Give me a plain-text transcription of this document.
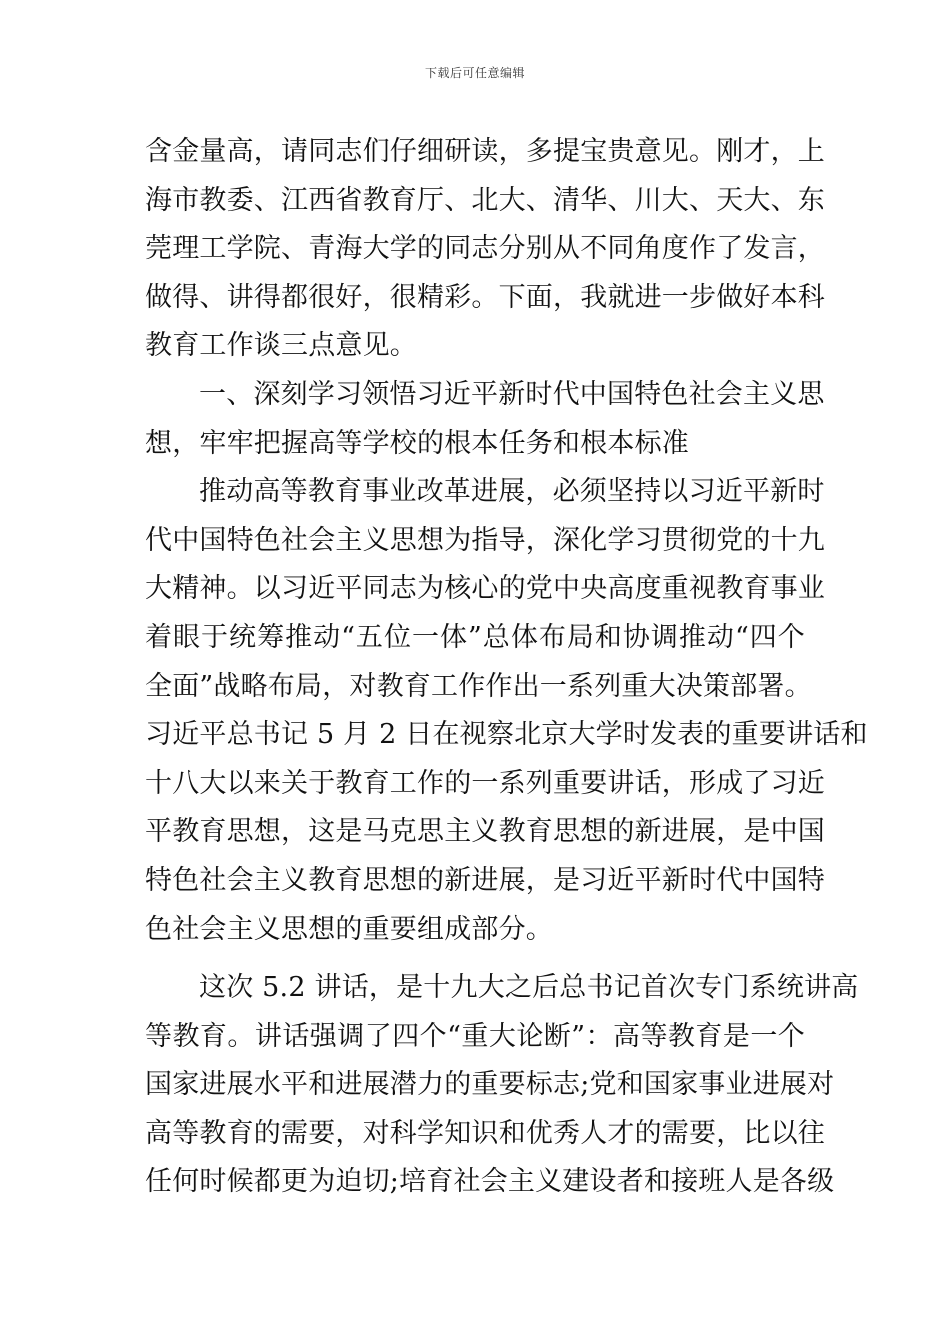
下载后可任意编辑
含金量高，请同志们仔细研读，多提宝贵意见。刚才，上
海市教委、江西省教育厅、北大、清华、川大、天大、东
莞理工学院、青海大学的同志分别从不同角度作了发言，
做得、讲得都很好，很精彩。下面，我就进一步做好本科
教育工作谈三点意见。
一、深刻学习领悟习近平新时代中国特色社会主义思
想，牢牢把握高等学校的根本任务和根本标准
推动高等教育事业改革进展，必须坚持以习近平新时
代中国特色社会主义思想为指导，深化学习贯彻党的十九
大精神。以习近平同志为核心的党中央高度重视教育事业
着眼于统筹推动“五位一体”总体布局和协调推动“四个
全面”战略布局，对教育工作作出一系列重大决策部署。
习近平总书记 5 月 2 日在视察北京大学时发表的重要讲话和
十八大以来关于教育工作的一系列重要讲话，形成了习近
平教育思想，这是马克思主义教育思想的新进展，是中国
特色社会主义教育思想的新进展，是习近平新时代中国特
色社会主义思想的重要组成部分。
这次 5.2 讲话，是十九大之后总书记首次专门系统讲高
等教育。讲话强调了四个“重大论断”：高等教育是一个
国家进展水平和进展潜力的重要标志;党和国家事业进展对
高等教育的需要，对科学知识和优秀人才的需要，比以往
任何时候都更为迫切;培育社会主义建设者和接班人是各级
